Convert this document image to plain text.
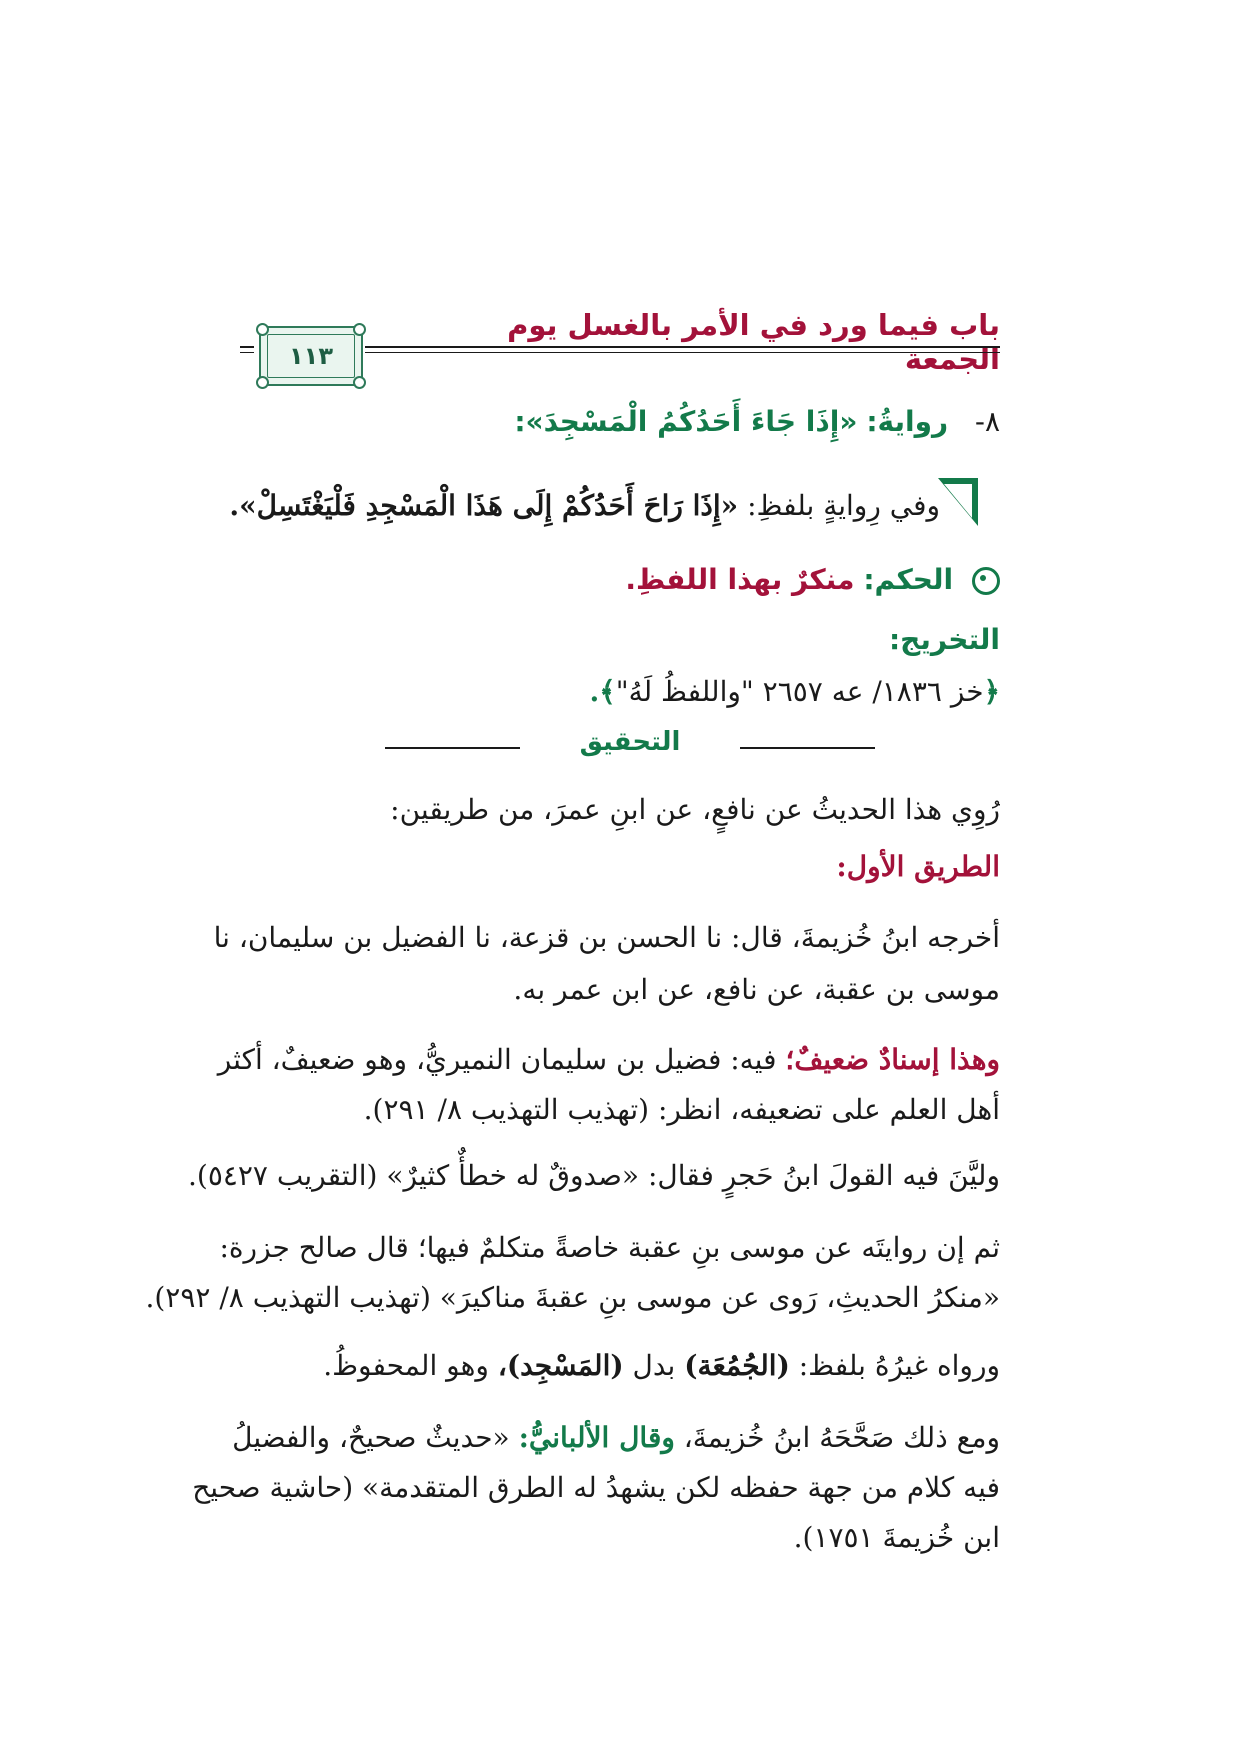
باب فيما ورد في الأمر بالغسل يوم الجمعة
١١٣
٨-   روايةُ: «إِذَا جَاءَ أَحَدُكُمُ الْمَسْجِدَ»:
وفي رِوايةٍ بلفظِ: «إِذَا رَاحَ أَحَدُكُمْ إِلَى هَذَا الْمَسْجِدِ فَلْيَغْتَسِلْ».
الحكم: منكرٌ بهذا اللفظِ.
التخريج:
﴿خز ١٨٣٦/ عه ٢٦٥٧ "واللفظُ لَهُ"﴾.
التحقيق
رُوِي هذا الحديثُ عن نافعٍ، عن ابنِ عمرَ، من طريقين:
الطريق الأول:
أخرجه ابنُ خُزيمةَ، قال: نا الحسن بن قزعة، نا الفضيل بن سليمان، نا
موسى بن عقبة، عن نافع، عن ابن عمر به.
وهذا إسنادٌ ضعيفٌ؛ فيه: فضيل بن سليمان النميريُّ، وهو ضعيفٌ، أكثر
أهل العلم على تضعيفه، انظر: (تهذيب التهذيب ٨/ ٢٩١).
وليَّنَ فيه القولَ ابنُ حَجرٍ فقال: «صدوقٌ له خطأٌ كثيرٌ» (التقريب ٥٤٢٧).
ثم إن روايتَه عن موسى بنِ عقبة خاصةً متكلمٌ فيها؛ قال صالح جزرة:
«منكرُ الحديثِ، رَوى عن موسى بنِ عقبةَ مناكيرَ» (تهذيب التهذيب ٨/ ٢٩٢).
ورواه غيرُهُ بلفظ: (الجُمُعَة) بدل (المَسْجِد)، وهو المحفوظُ.
ومع ذلك صَحَّحَهُ ابنُ خُزيمةَ، وقال الألبانيُّ: «حديثٌ صحيحٌ، والفضيلُ
فيه كلام من جهة حفظه لكن يشهدُ له الطرق المتقدمة» (حاشية صحيح
ابن خُزيمةَ ١٧٥١).
